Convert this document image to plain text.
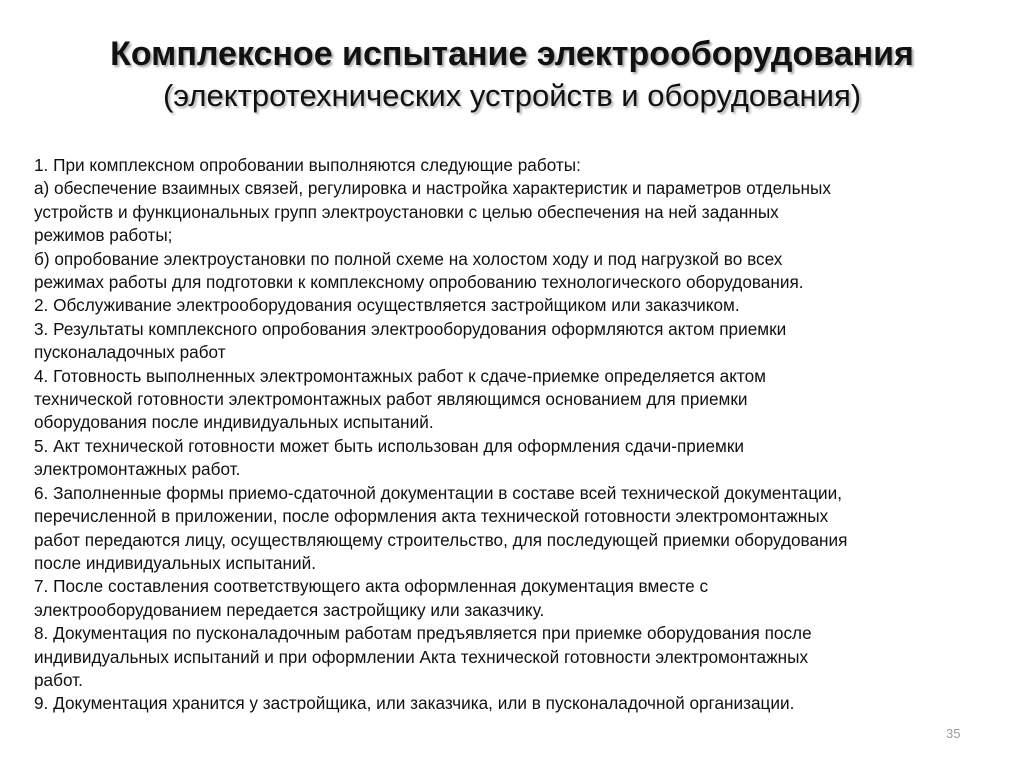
Комплексное испытание электрооборудования
(электротехнических устройств и оборудования)
1. При комплексном опробовании выполняются следующие работы:
а) обеспечение взаимных связей, регулировка и настройка характеристик и параметров отдельных
устройств и функциональных групп электроустановки с целью обеспечения на ней заданных
режимов работы;
б) опробование электроустановки по полной схеме на холостом ходу и под нагрузкой во всех
режимах работы для подготовки к комплексному опробованию технологического оборудования.
2. Обслуживание электрооборудования осуществляется застройщиком или заказчиком.
3. Результаты комплексного опробования электрооборудования оформляются актом приемки
пусконаладочных работ
4. Готовность выполненных электромонтажных работ к сдаче-приемке определяется актом
технической готовности электромонтажных работ являющимся основанием для приемки
оборудования после индивидуальных испытаний.
5. Акт технической готовности может быть использован для оформления сдачи-приемки
электромонтажных работ.
6. Заполненные формы приемо-сдаточной документации в составе всей технической документации,
перечисленной в приложении, после оформления акта технической готовности электромонтажных
работ передаются лицу, осуществляющему строительство, для последующей приемки оборудования
после индивидуальных испытаний.
7. После составления соответствующего акта оформленная документация вместе с
электрооборудованием передается застройщику или заказчику.
8. Документация по пусконаладочным работам предъявляется при приемке оборудования после
индивидуальных испытаний и при оформлении Акта технической готовности электромонтажных
работ.
9. Документация хранится у застройщика, или заказчика, или в пусконаладочной организации.
35
